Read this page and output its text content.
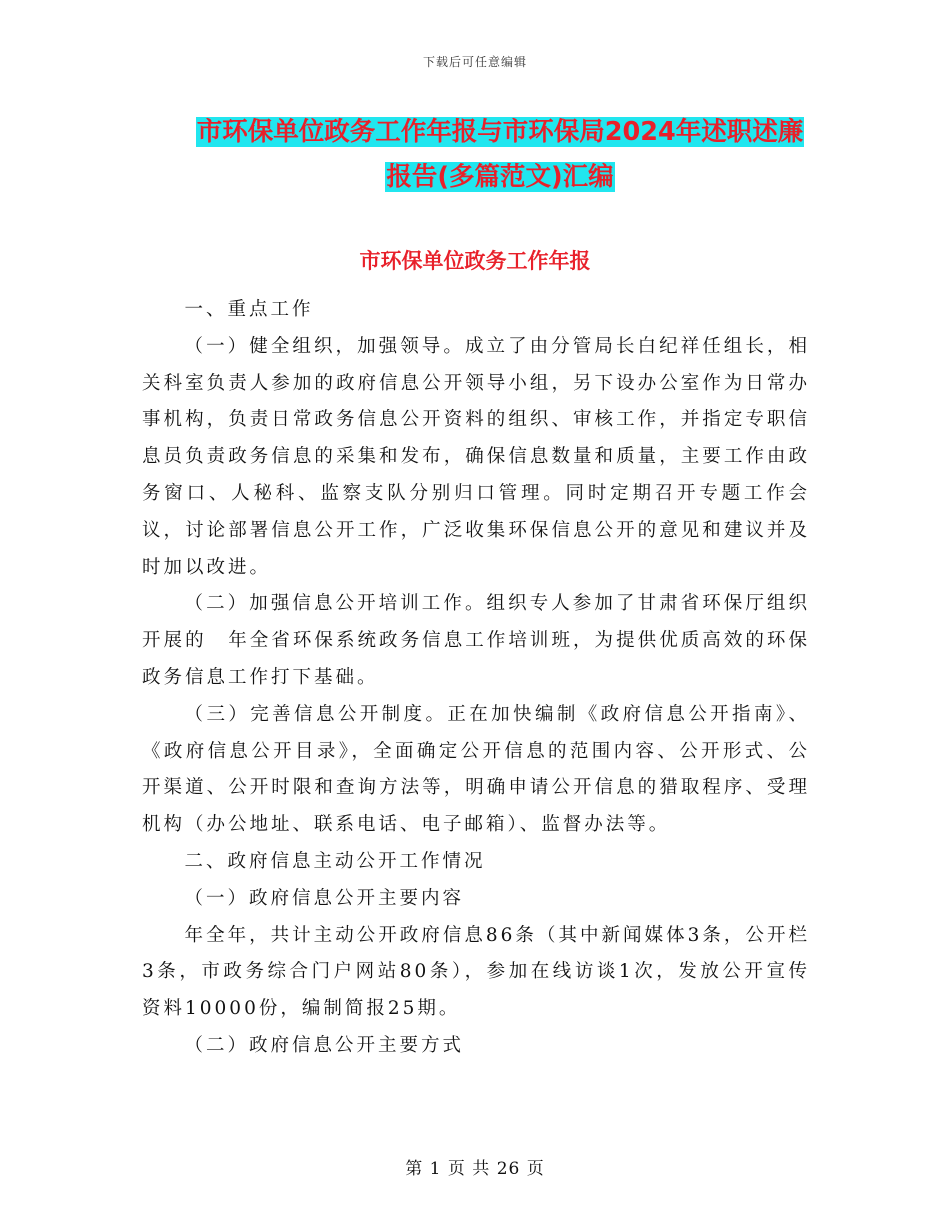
下载后可任意编辑
市环保单位政务工作年报与市环保局2024年述职述廉
报告(多篇范文)汇编
市环保单位政务工作年报

一、重点工作

（一）健全组织，加强领导。成立了由分管局长白纪祥任组长，相关科室负责人参加的政府信息公开领导小组，另下设办公室作为日常办事机构，负责日常政务信息公开资料的组织、审核工作，并指定专职信息员负责政务信息的采集和发布，确保信息数量和质量，主要工作由政务窗口、人秘科、监察支队分别归口管理。同时定期召开专题工作会议，讨论部署信息公开工作，广泛收集环保信息公开的意见和建议并及时加以改进。

（二）加强信息公开培训工作。组织专人参加了甘肃省环保厅组织开展的　年全省环保系统政务信息工作培训班，为提供优质高效的环保政务信息工作打下基础。

（三）完善信息公开制度。正在加快编制《政府信息公开指南》、《政府信息公开目录》，全面确定公开信息的范围内容、公开形式、公开渠道、公开时限和查询方法等，明确申请公开信息的猎取程序、受理机构（办公地址、联系电话、电子邮箱）、监督办法等。

二、政府信息主动公开工作情况

（一）政府信息公开主要内容

年全年，共计主动公开政府信息86条（其中新闻媒体3条，公开栏3条，市政务综合门户网站80条），参加在线访谈1次，发放公开宣传资料10000份，编制简报25期。

（二）政府信息公开主要方式

第 1 页 共 26 页
